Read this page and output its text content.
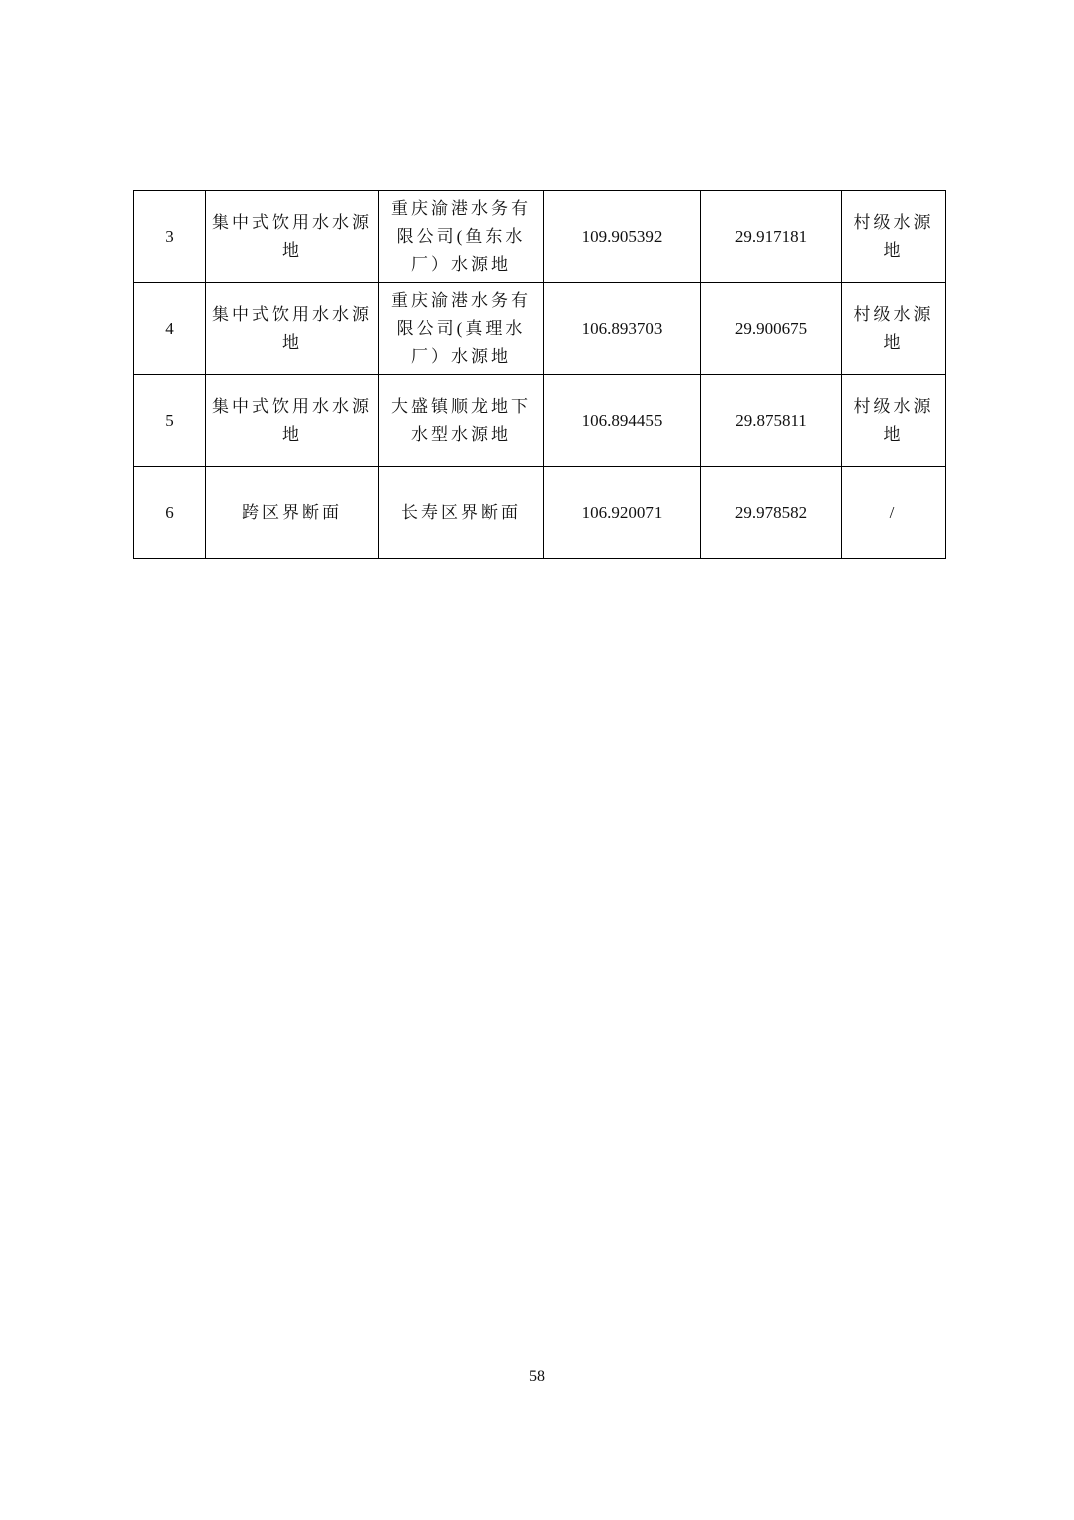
3	集中式饮用水水源地	重庆渝港水务有限公司(鱼东水厂）水源地	109.905392	29.917181	村级水源地
4	集中式饮用水水源地	重庆渝港水务有限公司(真理水厂）水源地	106.893703	29.900675	村级水源地
5	集中式饮用水水源地	大盛镇顺龙地下水型水源地	106.894455	29.875811	村级水源地
6	跨区界断面	长寿区界断面	106.920071	29.978582	/
58
